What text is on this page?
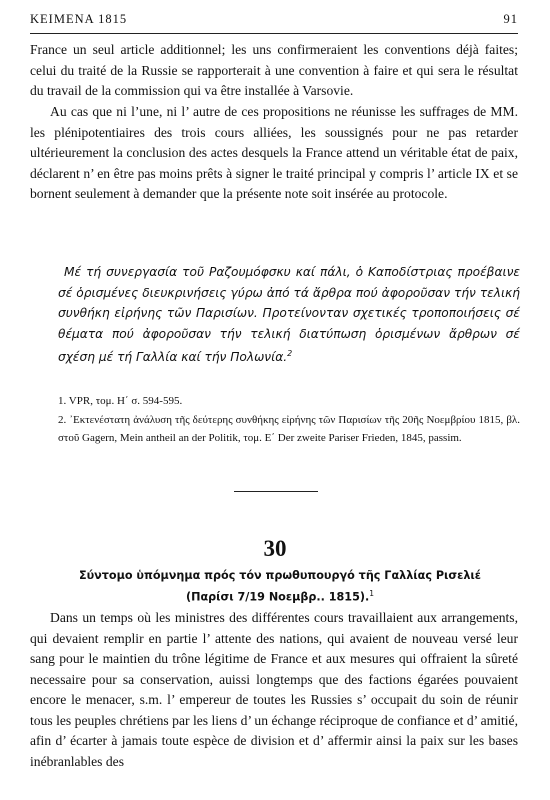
ΚΕΙΜΕΝΑ 1815	91

France un seul article additionnel; les uns confirmeraient les conventions déjà faites; celui du traité de la Russie se rapporterait à une convention à faire et qui sera le résultat du travail de la commission qui va être installée à Varsovie.

Au cas que ni l’une, ni l’ autre de ces propositions ne réunisse les suffrages de MM. les plénipotentiaires des trois cours alliées, les soussignés pour ne pas retarder ultérieurement la conclusion des actes desquels la France attend un véritable état de paix, déclarent n’ en être pas moins prêts à signer le traité principal y compris l’ article IX et se bornent seulement à demander que la présente note soit insérée au protocole.

Μέ τή συνεργασία τοῦ Ραζουμόφσκυ καί πάλι, ὁ Καποδίστριας προέβαινε σέ ὁρισμένες διευκρινήσεις γύρω ἀπό τά ἄρθρα πού ἀφοροῦσαν τήν τελική συνθήκη εἰρήνης τῶν Παρισίων. Προτείνονταν σχετικές τροποποιήσεις σέ θέματα πού ἀφοροῦσαν τήν τελική διατύπωση ὁρισμένων ἄρθρων σέ σχέση μέ τή Γαλλία καί τήν Πολωνία.$^2$

1. VPR, τομ. Η΄ σ. 594-595.

2. ᾽Εκτενέστατη ἀνάλυση τῆς δεύτερης συνθήκης εἰρήνης τῶν Παρισίων τῆς 20ῆς Νοεμβρίου 1815, βλ. στοῦ Gagern, Mein antheil an der Politik, τομ. Ε΄ Der zweite Pariser Frieden, 1845, passim.

30

Σύντομο ὑπόμνημα πρός τόν πρωθυπουργό τῆς Γαλλίας Ρισελιέ
(Παρίσι 7/19 Νοεμβρ.. 1815).$^1$

Dans un temps où les ministres des différentes cours travaillaient aux arrangements, qui devaient remplir en partie l’ attente des nations, qui avaient de nouveau versé leur sang pour le maintien du trône légitime de France et aux mesures qui offraient la sûreté necessaire pour sa conservation, auissi longtemps que des factions égarées pouvaient encore le menacer, s.m. l’ empereur de toutes les Russies s’ occupait du soin de réunir tous les peuples chrétiens par les liens d’ un échange réciproque de confiance et d’ amitié, afin d’ écarter à jamais toute espèce de division et d’ affermir ainsi la paix sur les bases inébranlables des
